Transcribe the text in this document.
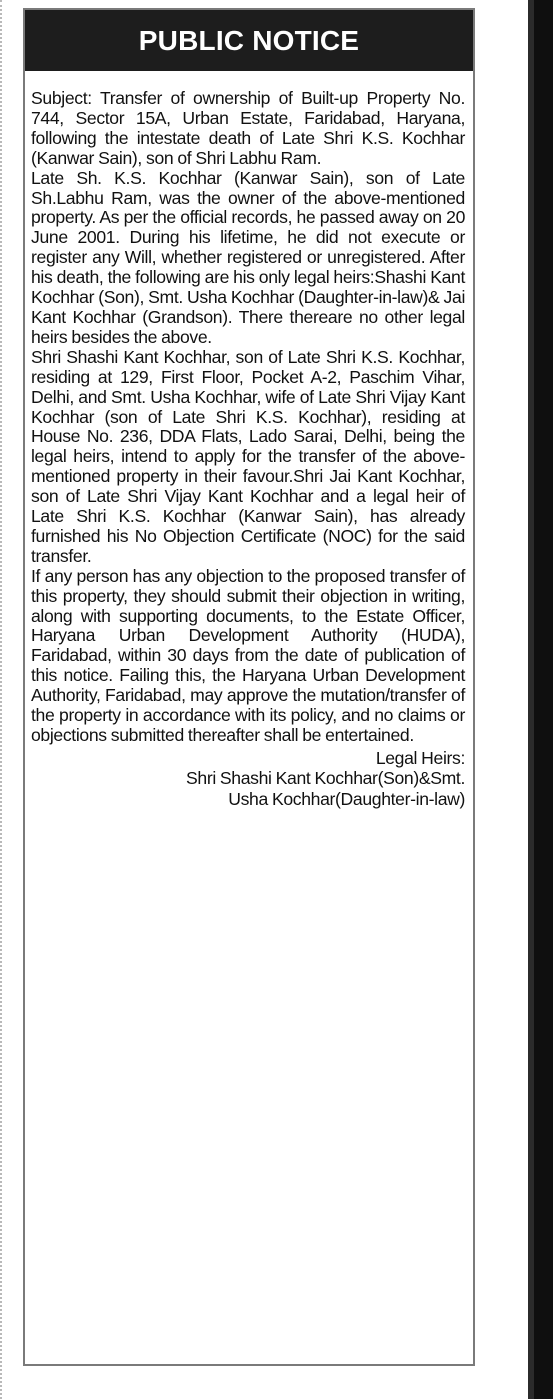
PUBLIC NOTICE

Subject: Transfer of ownership of Built-up Property No. 744, Sector 15A, Urban Estate, Faridabad, Haryana, following the intestate death of Late Shri K.S. Kochhar (Kanwar Sain), son of Shri Labhu Ram.

Late Sh. K.S. Kochhar (Kanwar Sain), son of Late Sh.Labhu Ram, was the owner of the above-mentioned property. As per the official records, he passed away on 20 June 2001. During his lifetime, he did not execute or register any Will, whether registered or unregistered. After his death, the following are his only legal heirs:Shashi Kant Kochhar (Son), Smt. Usha Kochhar (Daughter-in-law)& Jai Kant Kochhar (Grandson). There thereare no other legal heirs besides the above.

Shri Shashi Kant Kochhar, son of Late Shri K.S. Kochhar, residing at 129, First Floor, Pocket A-2, Paschim Vihar, Delhi, and Smt. Usha Kochhar, wife of Late Shri Vijay Kant Kochhar (son of Late Shri K.S. Kochhar), residing at House No. 236, DDA Flats, Lado Sarai, Delhi, being the legal heirs, intend to apply for the transfer of the above-mentioned property in their favour.Shri Jai Kant Kochhar, son of Late Shri Vijay Kant Kochhar and a legal heir of Late Shri K.S. Kochhar (Kanwar Sain), has already furnished his No Objection Certificate (NOC) for the said transfer.

If any person has any objection to the proposed transfer of this property, they should submit their objection in writing, along with supporting documents, to the Estate Officer, Haryana Urban Development Authority (HUDA), Faridabad, within 30 days from the date of publication of this notice. Failing this, the Haryana Urban Development Authority, Faridabad, may approve the mutation/transfer of the property in accordance with its policy, and no claims or objections submitted thereafter shall be entertained.

Legal Heirs:
Shri Shashi Kant Kochhar(Son)&Smt.
Usha Kochhar(Daughter-in-law)
